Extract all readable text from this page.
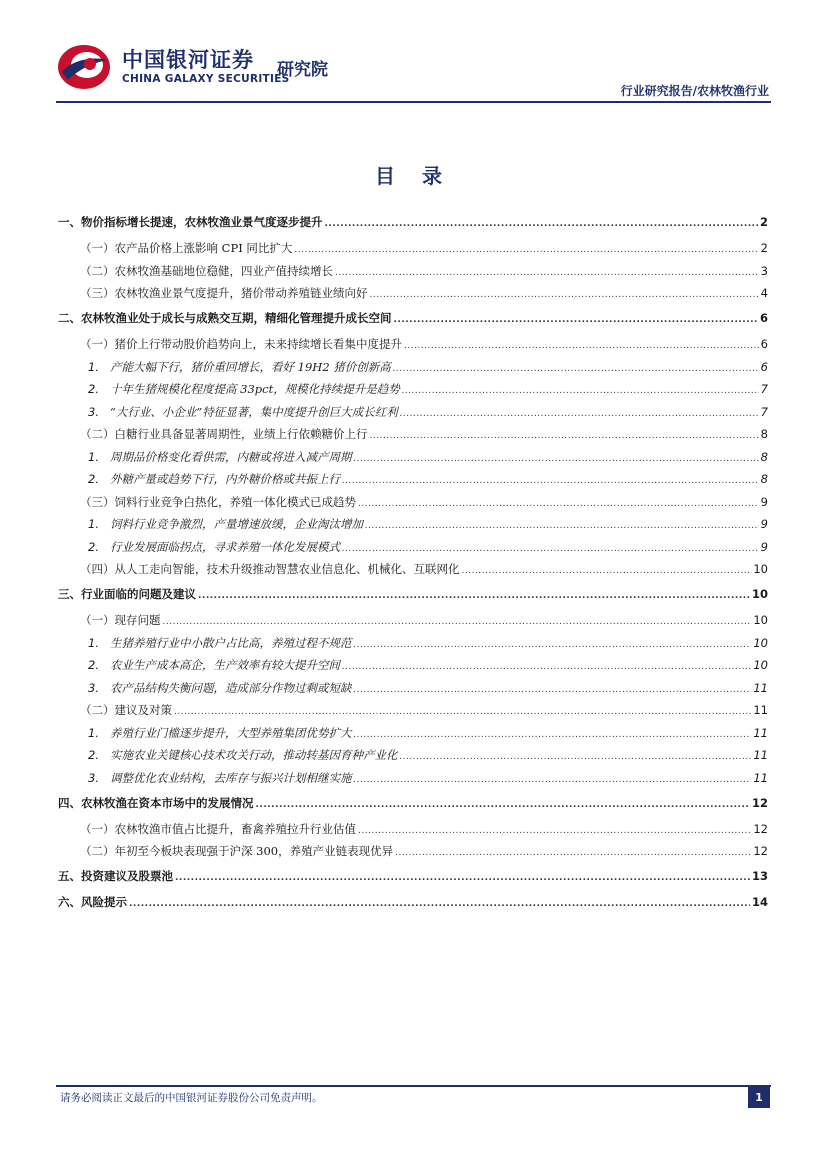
中国银河证券
CHINA GALAXY SECURITIES
研究院
行业研究报告/农林牧渔行业
目 录
一、物价指标增长提速，农林牧渔业景气度逐步提升 .....	2
（一）农产品价格上涨影响 CPI 同比扩大 .....	2
（二）农林牧渔基础地位稳健，四业产值持续增长 .....	3
（三）农林牧渔业景气度提升，猪价带动养殖链业绩向好 .....	4
二、农林牧渔业处于成长与成熟交互期，精细化管理提升成长空间 .....	6
（一）猪价上行带动股价趋势向上，未来持续增长看集中度提升 .....	6
1. 产能大幅下行，猪价重回增长，看好 19H2 猪价创新高 .....	6
2. 十年生猪规模化程度提高 33pct，规模化持续提升是趋势 .....	7
3. “大行业、小企业”特征显著，集中度提升创巨大成长红利 .....	7
（二）白糖行业具备显著周期性，业绩上行依赖糖价上行 .....	8
1. 周期品价格变化看供需，内糖或将进入减产周期 .....	8
2. 外糖产量或趋势下行，内外糖价格或共振上行 .....	8
（三）饲料行业竞争白热化，养殖一体化模式已成趋势 .....	9
1. 饲料行业竞争激烈，产量增速放缓，企业淘汰增加 .....	9
2. 行业发展面临拐点，寻求养殖一体化发展模式 .....	9
（四）从人工走向智能，技术升级推动智慧农业信息化、机械化、互联网化 .....	10
三、行业面临的问题及建议 .....	10
（一）现存问题 .....	10
1. 生猪养殖行业中小散户占比高，养殖过程不规范 .....	10
2. 农业生产成本高企，生产效率有较大提升空间 .....	10
3. 农产品结构失衡问题，造成部分作物过剩或短缺 .....	11
（二）建议及对策 .....	11
1. 养殖行业门槛逐步提升，大型养殖集团优势扩大 .....	11
2. 实施农业关键核心技术攻关行动，推动转基因育种产业化 .....	11
3. 调整优化农业结构，去库存与振兴计划相继实施 .....	11
四、农林牧渔在资本市场中的发展情况 .....	12
（一）农林牧渔市值占比提升，畜禽养殖拉升行业估值 .....	12
（二）年初至今板块表现强于沪深 300，养殖产业链表现优异 .....	12
五、投资建议及股票池 .....	13
六、风险提示 .....	14
请务必阅读正文最后的中国银河证券股份公司免责声明。	1
